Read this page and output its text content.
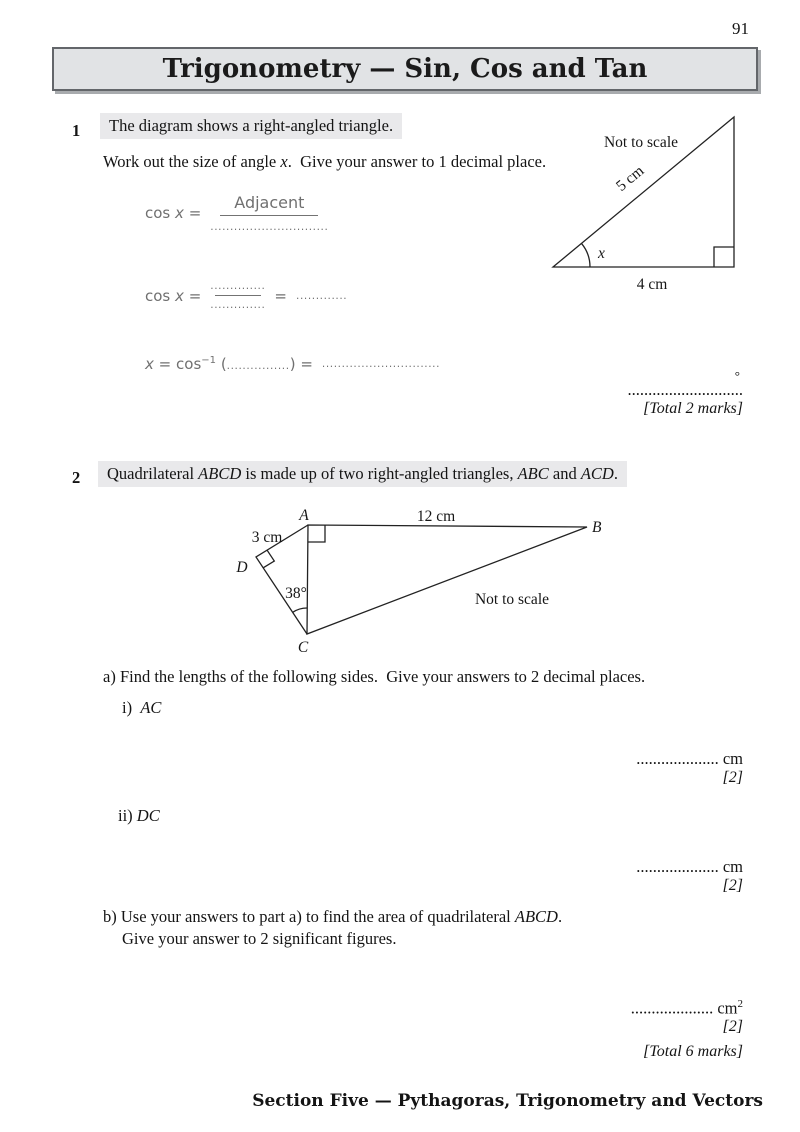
91
Trigonometry — Sin, Cos and Tan
1	The diagram shows a right-angled triangle.
Work out the size of angle x.  Give your answer to 1 decimal place.
$\cos x = \frac{\text{Adjacent}}{..............................}$
$\cos x = \frac{..............}{..............}$ = .............
$x = \cos^{-1}$ (................) = ..............................
Not to scale
5 cm
x
4 cm
°
............................
[Total 2 marks]
2	Quadrilateral ABCD is made up of two right-angled triangles, ABC and ACD.
A
B
C
D
12 cm
3 cm
38°	Not to scale
a) Find the lengths of the following sides.  Give your answers to 2 decimal places.
i) AC
.................... cm
[2]
ii) DC
.................... cm
[2]
b) Use your answers to part a) to find the area of quadrilateral ABCD.
Give your answer to 2 significant figures.
.................... $cm^2$
[2]
[Total 6 marks]
Section Five — Pythagoras, Trigonometry and Vectors
